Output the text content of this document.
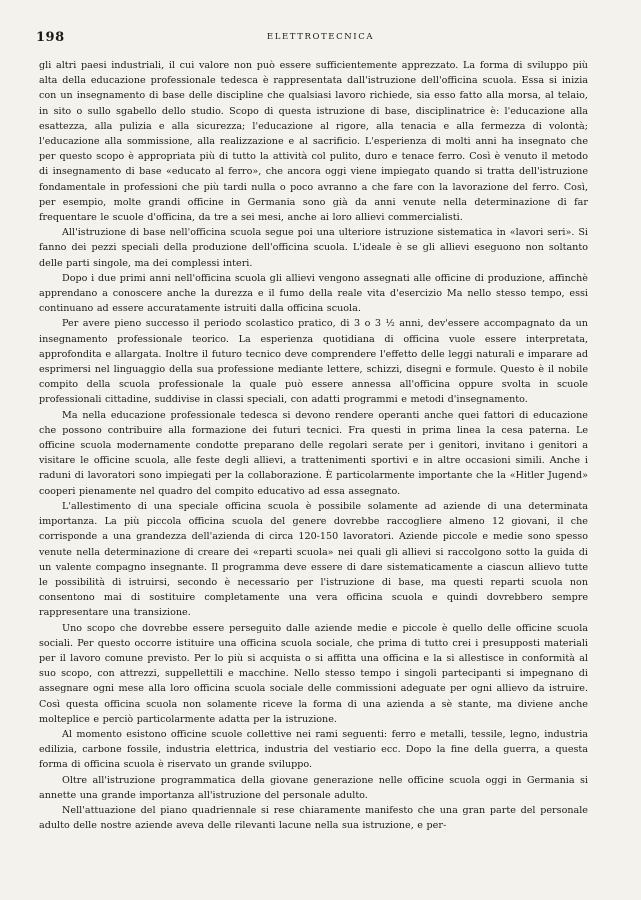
198	ELETTROTECNICA

gli altri paesi industriali, il cui valore non può essere sufficientemente apprezzato. La forma di sviluppo più alta della educazione professionale tedesca è rappresentata dall'istruzione dell'officina scuola. Essa si inizia con un insegnamento di base delle discipline che qualsiasi lavoro richiede, sia esso fatto alla morsa, al telaio, in sito o sullo sgabello dello studio. Scopo di questa istruzione di base, disciplinatrice è: l'educazione alla esattezza, alla pulizia e alla sicurezza; l'educazione al rigore, alla tenacia e alla fermezza di volontà; l'educazione alla sommissione, alla realizzazione e al sacrificio. L'esperienza di molti anni ha insegnato che per questo scopo è appropriata più di tutto la attività col pulito, duro e tenace ferro. Così è venuto il metodo di insegnamento di base «educato al ferro», che ancora oggi viene impiegato quando si tratta dell'istruzione fondamentale in professioni che più tardi nulla o poco avranno a che fare con la lavorazione del ferro. Così, per esempio, molte grandi officine in Germania sono già da anni venute nella determinazione di far frequentare le scuole d'officina, da tre a sei mesi, anche ai loro allievi commercialisti.

All'istruzione di base nell'officina scuola segue poi una ulteriore istruzione sistematica in «lavori seri». Si fanno dei pezzi speciali della produzione dell'officina scuola. L'ideale è se gli allievi eseguono non soltanto delle parti singole, ma dei complessi interi.

Dopo i due primi anni nell'officina scuola gli allievi vengono assegnati alle officine di produzione, affinchè apprendano a conoscere anche la durezza e il fumo della reale vita d'esercizio Ma nello stesso tempo, essi continuano ad essere accuratamente istruiti dalla officina scuola.

Per avere pieno successo il periodo scolastico pratico, di 3 o 3 ½ anni, dev'essere accompagnato da un insegnamento professionale teorico. La esperienza quotidiana di officina vuole essere interpretata, approfondita e allargata. Inoltre il futuro tecnico deve comprendere l'effetto delle leggi naturali e imparare ad esprimersi nel linguaggio della sua professione mediante lettere, schizzi, disegni e formule. Questo è il nobile compito della scuola professionale la quale può essere annessa all'officina oppure svolta in scuole professionali cittadine, suddivise in classi speciali, con adatti programmi e metodi d'insegnamento.

Ma nella educazione professionale tedesca si devono rendere operanti anche quei fattori di educazione che possono contribuire alla formazione dei futuri tecnici. Fra questi in prima linea la cesa paterna. Le officine scuola modernamente condotte preparano delle regolari serate per i genitori, invitano i genitori a visitare le officine scuola, alle feste degli allievi, a trattenimenti sportivi e in altre occasioni simili. Anche i raduni di lavoratori sono impiegati per la collaborazione. È particolarmente importante che la «Hitler Jugend» cooperi pienamente nel quadro del compito educativo ad essa assegnato.

L'allestimento di una speciale officina scuola è possibile solamente ad aziende di una determinata importanza. La più piccola officina scuola del genere dovrebbe raccogliere almeno 12 giovani, il che corrisponde a una grandezza dell'azienda di circa 120-150 lavoratori. Aziende piccole e medie sono spesso venute nella determinazione di creare dei «reparti scuola» nei quali gli allievi si raccolgono sotto la guida di un valente compagno insegnante. Il programma deve essere di dare sistematicamente a ciascun allievo tutte le possibilità di istruirsi, secondo è necessario per l'istruzione di base, ma questi reparti scuola non consentono mai di sostituire completamente una vera officina scuola e quindi dovrebbero sempre rappresentare una transizione.

Uno scopo che dovrebbe essere perseguito dalle aziende medie e piccole è quello delle officine scuola sociali. Per questo occorre istituire una officina scuola sociale, che prima di tutto crei i presupposti materiali per il lavoro comune previsto. Per lo più si acquista o si affitta una officina e la si allestisce in conformità al suo scopo, con attrezzi, suppellettili e macchine. Nello stesso tempo i singoli partecipanti si impegnano di assegnare ogni mese alla loro officina scuola sociale delle commissioni adeguate per ogni allievo da istruire. Così questa officina scuola non solamente riceve la forma di una azienda a sè stante, ma diviene anche molteplice e perciò particolarmente adatta per la istruzione.

Al momento esistono officine scuole collettive nei rami seguenti: ferro e metalli, tessile, legno, industria edilizia, carbone fossile, industria elettrica, industria del vestiario ecc. Dopo la fine della guerra, a questa forma di officina scuola è riservato un grande sviluppo.

Oltre all'istruzione programmatica della giovane generazione nelle officine scuola oggi in Germania si annette una grande importanza all'istruzione del personale adulto.

Nell'attuazione del piano quadriennale si rese chiaramente manifesto che una gran parte del personale adulto delle nostre aziende aveva delle rilevanti lacune nella sua istruzione, e per-
